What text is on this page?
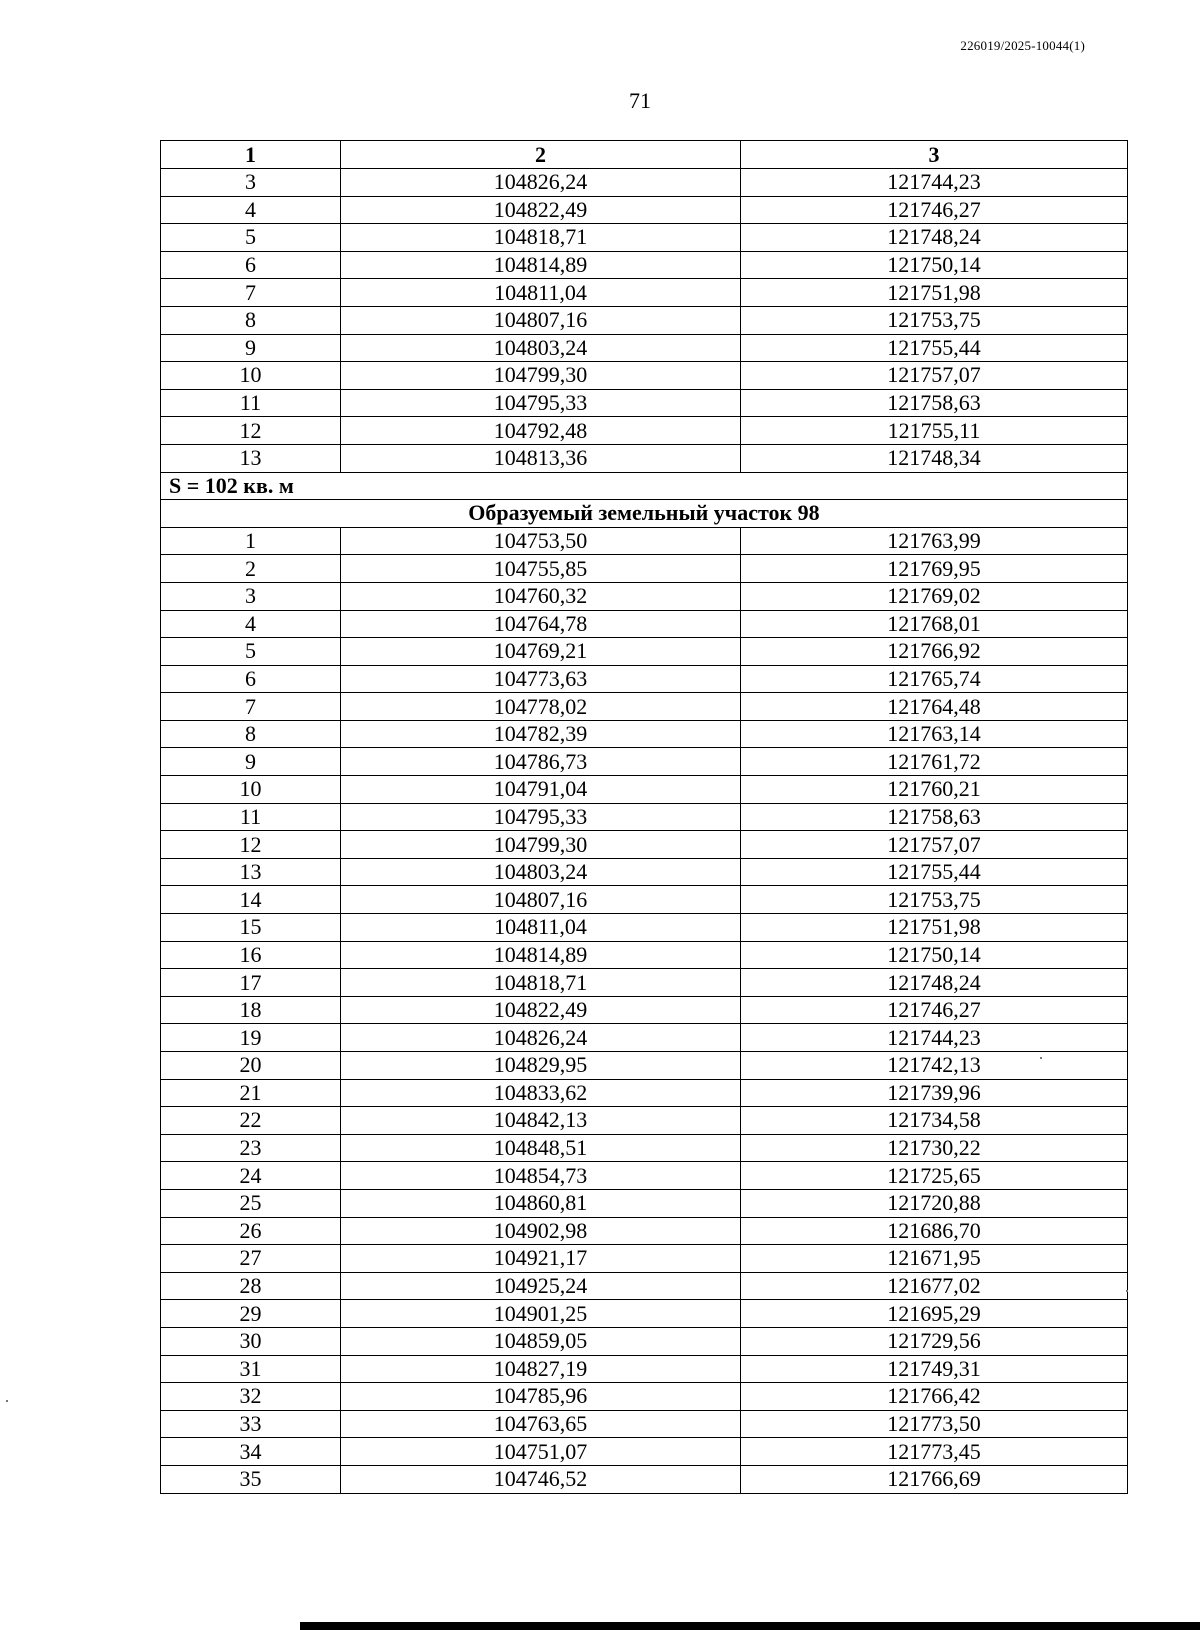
226019/2025-10044(1)
71
1	2	3
3	104826,24	121744,23
4	104822,49	121746,27
5	104818,71	121748,24
6	104814,89	121750,14
7	104811,04	121751,98
8	104807,16	121753,75
9	104803,24	121755,44
10	104799,30	121757,07
11	104795,33	121758,63
12	104792,48	121755,11
13	104813,36	121748,34
S = 102 кв. м		
Образуемый земельный участок 98		
1	104753,50	121763,99
2	104755,85	121769,95
3	104760,32	121769,02
4	104764,78	121768,01
5	104769,21	121766,92
6	104773,63	121765,74
7	104778,02	121764,48
8	104782,39	121763,14
9	104786,73	121761,72
10	104791,04	121760,21
11	104795,33	121758,63
12	104799,30	121757,07
13	104803,24	121755,44
14	104807,16	121753,75
15	104811,04	121751,98
16	104814,89	121750,14
17	104818,71	121748,24
18	104822,49	121746,27
19	104826,24	121744,23
20	104829,95	121742,13
21	104833,62	121739,96
22	104842,13	121734,58
23	104848,51	121730,22
24	104854,73	121725,65
25	104860,81	121720,88
26	104902,98	121686,70
27	104921,17	121671,95
28	104925,24	121677,02
29	104901,25	121695,29
30	104859,05	121729,56
31	104827,19	121749,31
32	104785,96	121766,42
33	104763,65	121773,50
34	104751,07	121773,45
35	104746,52	121766,69
